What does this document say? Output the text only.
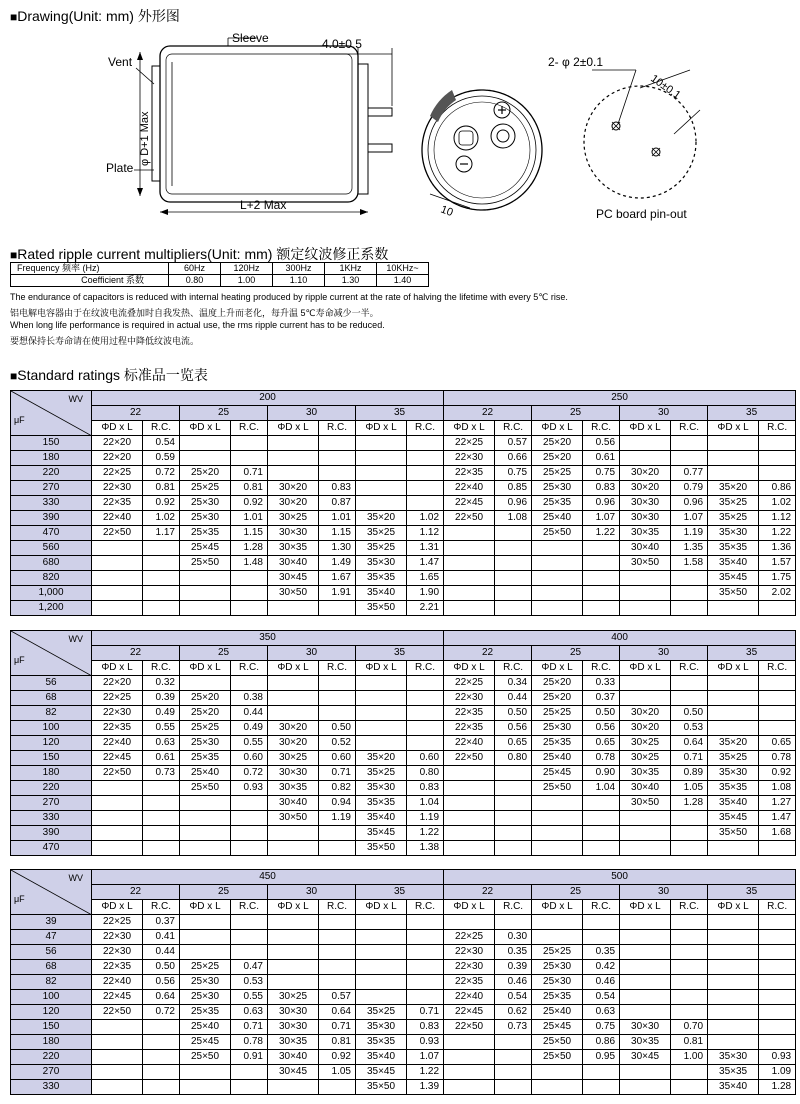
■Drawing(Unit: mm) 外形图
Sleeve
Vent
Plate
φ D+1 Max
L+2 Max
4.0±0.5
10
2- φ 2±0.1
10±0.1
PC board pin-out
■Rated ripple current multipliers(Unit: mm) 额定纹波修正系数
Frequency 频率 (Hz)	60Hz	120Hz	300Hz	1KHz	10KHz~
Coefficient 系数	0.80	1.00	1.10	1.30	1.40
The endurance of capacitors is reduced with internal heating produced by ripple current at the rate of halving the lifetime with every 5℃ rise.
铝电解电容器由于在纹波电流叠加时自我发热、温度上升而老化，每升温 5℃寿命减少一半。
When long life performance is required in actual use, the rms ripple current has to be reduced.
要想保持长寿命请在使用过程中降低纹波电流。
■Standard ratings 标准品一览表
WV
μF	200								250							
	22		25		30		35		22		25		30		35	
	ΦD x L	R.C.	ΦD x L	R.C.	ΦD x L	R.C.	ΦD x L	R.C.	ΦD x L	R.C.	ΦD x L	R.C.	ΦD x L	R.C.	ΦD x L	R.C.
150	22×20	0.54							22×25	0.57	25×20	0.56				
180	22×20	0.59							22×30	0.66	25×20	0.61				
220	22×25	0.72	25×20	0.71					22×35	0.75	25×25	0.75	30×20	0.77		
270	22×30	0.81	25×25	0.81	30×20	0.83			22×40	0.85	25×30	0.83	30×20	0.79	35×20	0.86
330	22×35	0.92	25×30	0.92	30×20	0.87			22×45	0.96	25×35	0.96	30×30	0.96	35×25	1.02
390	22×40	1.02	25×30	1.01	30×25	1.01	35×20	1.02	22×50	1.08	25×40	1.07	30×30	1.07	35×25	1.12
470	22×50	1.17	25×35	1.15	30×30	1.15	35×25	1.12			25×50	1.22	30×35	1.19	35×30	1.22
560			25×45	1.28	30×35	1.30	35×25	1.31					30×40	1.35	35×35	1.36
680			25×50	1.48	30×40	1.49	35×30	1.47					30×50	1.58	35×40	1.57
820					30×45	1.67	35×35	1.65							35×45	1.75
1,000					30×50	1.91	35×40	1.90							35×50	2.02
1,200							35×50	2.21								
WV
μF	350								400							
	22		25		30		35		22		25		30		35	
	ΦD x L	R.C.	ΦD x L	R.C.	ΦD x L	R.C.	ΦD x L	R.C.	ΦD x L	R.C.	ΦD x L	R.C.	ΦD x L	R.C.	ΦD x L	R.C.
56	22×20	0.32							22×25	0.34	25×20	0.33				
68	22×25	0.39	25×20	0.38					22×30	0.44	25×20	0.37				
82	22×30	0.49	25×20	0.44					22×35	0.50	25×25	0.50	30×20	0.50		
100	22×35	0.55	25×25	0.49	30×20	0.50			22×35	0.56	25×30	0.56	30×20	0.53		
120	22×40	0.63	25×30	0.55	30×20	0.52			22×40	0.65	25×35	0.65	30×25	0.64	35×20	0.65
150	22×45	0.61	25×35	0.60	30×25	0.60	35×20	0.60	22×50	0.80	25×40	0.78	30×25	0.71	35×25	0.78
180	22×50	0.73	25×40	0.72	30×30	0.71	35×25	0.80			25×45	0.90	30×35	0.89	35×30	0.92
220			25×50	0.93	30×35	0.82	35×30	0.83			25×50	1.04	30×40	1.05	35×35	1.08
270					30×40	0.94	35×35	1.04					30×50	1.28	35×40	1.27
330					30×50	1.19	35×40	1.19							35×45	1.47
390							35×45	1.22							35×50	1.68
470							35×50	1.38								
WV
μF	450								500							
	22		25		30		35		22		25		30		35	
	ΦD x L	R.C.	ΦD x L	R.C.	ΦD x L	R.C.	ΦD x L	R.C.	ΦD x L	R.C.	ΦD x L	R.C.	ΦD x L	R.C.	ΦD x L	R.C.
39	22×25	0.37														
47	22×30	0.41							22×25	0.30						
56	22×30	0.44							22×30	0.35	25×25	0.35				
68	22×35	0.50	25×25	0.47					22×30	0.39	25×30	0.42				
82	22×40	0.56	25×30	0.53					22×35	0.46	25×30	0.46				
100	22×45	0.64	25×30	0.55	30×25	0.57			22×40	0.54	25×35	0.54				
120	22×50	0.72	25×35	0.63	30×30	0.64	35×25	0.71	22×45	0.62	25×40	0.63				
150			25×40	0.71	30×30	0.71	35×30	0.83	22×50	0.73	25×45	0.75	30×30	0.70		
180			25×45	0.78	30×35	0.81	35×35	0.93			25×50	0.86	30×35	0.81		
220			25×50	0.91	30×40	0.92	35×40	1.07			25×50	0.95	30×45	1.00	35×30	0.93
270					30×45	1.05	35×45	1.22							35×35	1.09
330							35×50	1.39							35×40	1.28
